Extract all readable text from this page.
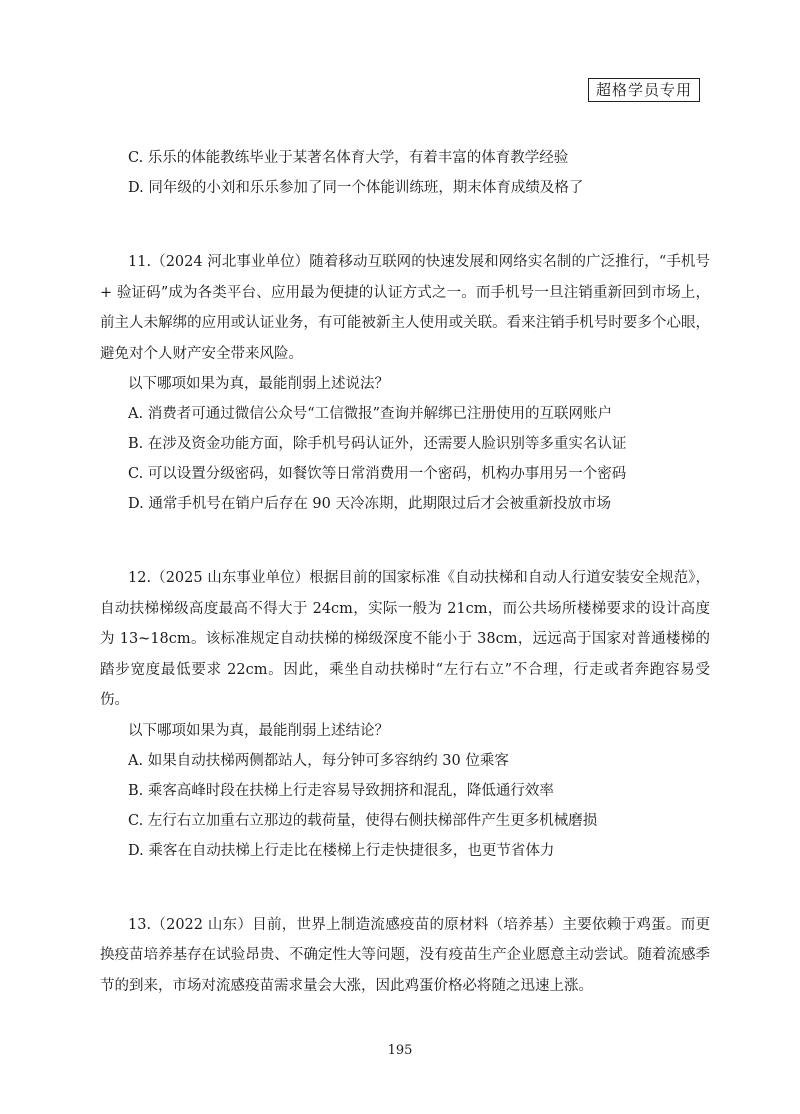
超格学员专用
C. 乐乐的体能教练毕业于某著名体育大学，有着丰富的体育教学经验
D. 同年级的小刘和乐乐参加了同一个体能训练班，期末体育成绩及格了

11.（2024 河北事业单位）随着移动互联网的快速发展和网络实名制的广泛推行，“手机号 + 验证码”成为各类平台、应用最为便捷的认证方式之一。而手机号一旦注销重新回到市场上，前主人未解绑的应用或认证业务，有可能被新主人使用或关联。看来注销手机号时要多个心眼，避免对个人财产安全带来风险。

以下哪项如果为真，最能削弱上述说法？
A. 消费者可通过微信公众号“工信微报”查询并解绑已注册使用的互联网账户
B. 在涉及资金功能方面，除手机号码认证外，还需要人脸识别等多重实名认证
C. 可以设置分级密码，如餐饮等日常消费用一个密码，机构办事用另一个密码
D. 通常手机号在销户后存在 90 天冷冻期，此期限过后才会被重新投放市场

12.（2025 山东事业单位）根据目前的国家标准《自动扶梯和自动人行道安装安全规范》，自动扶梯梯级高度最高不得大于 24cm，实际一般为 21cm，而公共场所楼梯要求的设计高度为 13~18cm。该标准规定自动扶梯的梯级深度不能小于 38cm，远远高于国家对普通楼梯的踏步宽度最低要求 22cm。因此，乘坐自动扶梯时“左行右立”不合理，行走或者奔跑容易受伤。

以下哪项如果为真，最能削弱上述结论？
A. 如果自动扶梯两侧都站人，每分钟可多容纳约 30 位乘客
B. 乘客高峰时段在扶梯上行走容易导致拥挤和混乱，降低通行效率
C. 左行右立加重右立那边的载荷量，使得右侧扶梯部件产生更多机械磨损
D. 乘客在自动扶梯上行走比在楼梯上行走快捷很多，也更节省体力

13.（2022 山东）目前，世界上制造流感疫苗的原材料（培养基）主要依赖于鸡蛋。而更换疫苗培养基存在试验昂贵、不确定性大等问题，没有疫苗生产企业愿意主动尝试。随着流感季节的到来，市场对流感疫苗需求量会大涨，因此鸡蛋价格必将随之迅速上涨。

195
